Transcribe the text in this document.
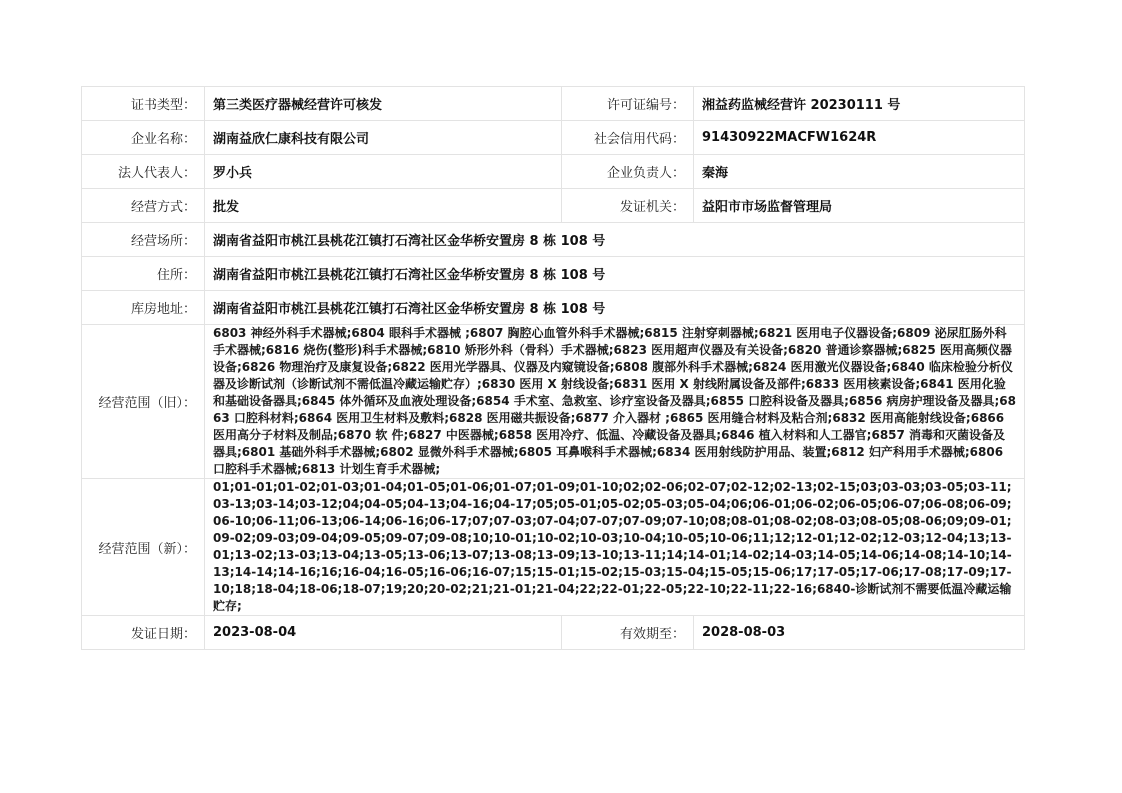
证书类型：	第三类医疗器械经营许可核发	许可证编号：	湘益药监械经营许 20230111 号
企业名称：	湖南益欣仁康科技有限公司	社会信用代码：	91430922MACFW1624R
法人代表人：	罗小兵	企业负责人：	秦海
经营方式：	批发	发证机关：	益阳市市场监督管理局
经营场所：	湖南省益阳市桃江县桃花江镇打石湾社区金华桥安置房 8 栋 108 号		
住所：	湖南省益阳市桃江县桃花江镇打石湾社区金华桥安置房 8 栋 108 号		
库房地址：	湖南省益阳市桃江县桃花江镇打石湾社区金华桥安置房 8 栋 108 号		
经营范围（旧）：	6803 神经外科手术器械;6804 眼科手术器械 ;6807 胸腔心血管外科手术器械;6815 注射穿刺器械;6821 医用电子仪器设备;6809 泌尿肛肠外科手术器械;6816 烧伤(整形)科手术器械;6810 矫形外科（骨科）手术器械;6823 医用超声仪器及有关设备;6820 普通诊察器械;6825 医用高频仪器设备;6826 物理治疗及康复设备;6822 医用光学器具、仪器及内窥镜设备;6808 腹部外科手术器械;6824 医用激光仪器设备;6840 临床检验分析仪器及诊断试剂（诊断试剂不需低温冷藏运输贮存）;6830 医用 X 射线设备;6831 医用 X 射线附属设备及部件;6833 医用核素设备;6841 医用化验和基础设备器具;6845 体外循环及血液处理设备;6854 手术室、急救室、诊疗室设备及器具;6855 口腔科设备及器具;6856 病房护理设备及器具;6863 口腔科材料;6864 医用卫生材料及敷料;6828 医用磁共振设备;6877 介入器材 ;6865 医用缝合材料及粘合剂;6832 医用高能射线设备;6866 医用高分子材料及制品;6870 软 件;6827 中医器械;6858 医用冷疗、低温、冷藏设备及器具;6846 植入材料和人工器官;6857 消毒和灭菌设备及器具;6801 基础外科手术器械;6802 显微外科手术器械;6805 耳鼻喉科手术器械;6834 医用射线防护用品、装置;6812 妇产科用手术器械;6806 口腔科手术器械;6813 计划生育手术器械;		
经营范围（新）：	01;01-01;01-02;01-03;01-04;01-05;01-06;01-07;01-09;01-10;02;02-06;02-07;02-12;02-13;02-15;03;03-03;03-05;03-11;03-13;03-14;03-12;04;04-05;04-13;04-16;04-17;05;05-01;05-02;05-03;05-04;06;06-01;06-02;06-05;06-07;06-08;06-09;06-10;06-11;06-13;06-14;06-16;06-17;07;07-03;07-04;07-07;07-09;07-10;08;08-01;08-02;08-03;08-05;08-06;09;09-01;09-02;09-03;09-04;09-05;09-07;09-08;10;10-01;10-02;10-03;10-04;10-05;10-06;11;12;12-01;12-02;12-03;12-04;13;13-01;13-02;13-03;13-04;13-05;13-06;13-07;13-08;13-09;13-10;13-11;14;14-01;14-02;14-03;14-05;14-06;14-08;14-10;14-13;14-14;14-16;16;16-04;16-05;16-06;16-07;15;15-01;15-02;15-03;15-04;15-05;15-06;17;17-05;17-06;17-08;17-09;17-10;18;18-04;18-06;18-07;19;20;20-02;21;21-01;21-04;22;22-01;22-05;22-10;22-11;22-16;6840-诊断试剂不需要低温冷藏运输贮存;		
发证日期：	2023-08-04	有效期至：	2028-08-03
